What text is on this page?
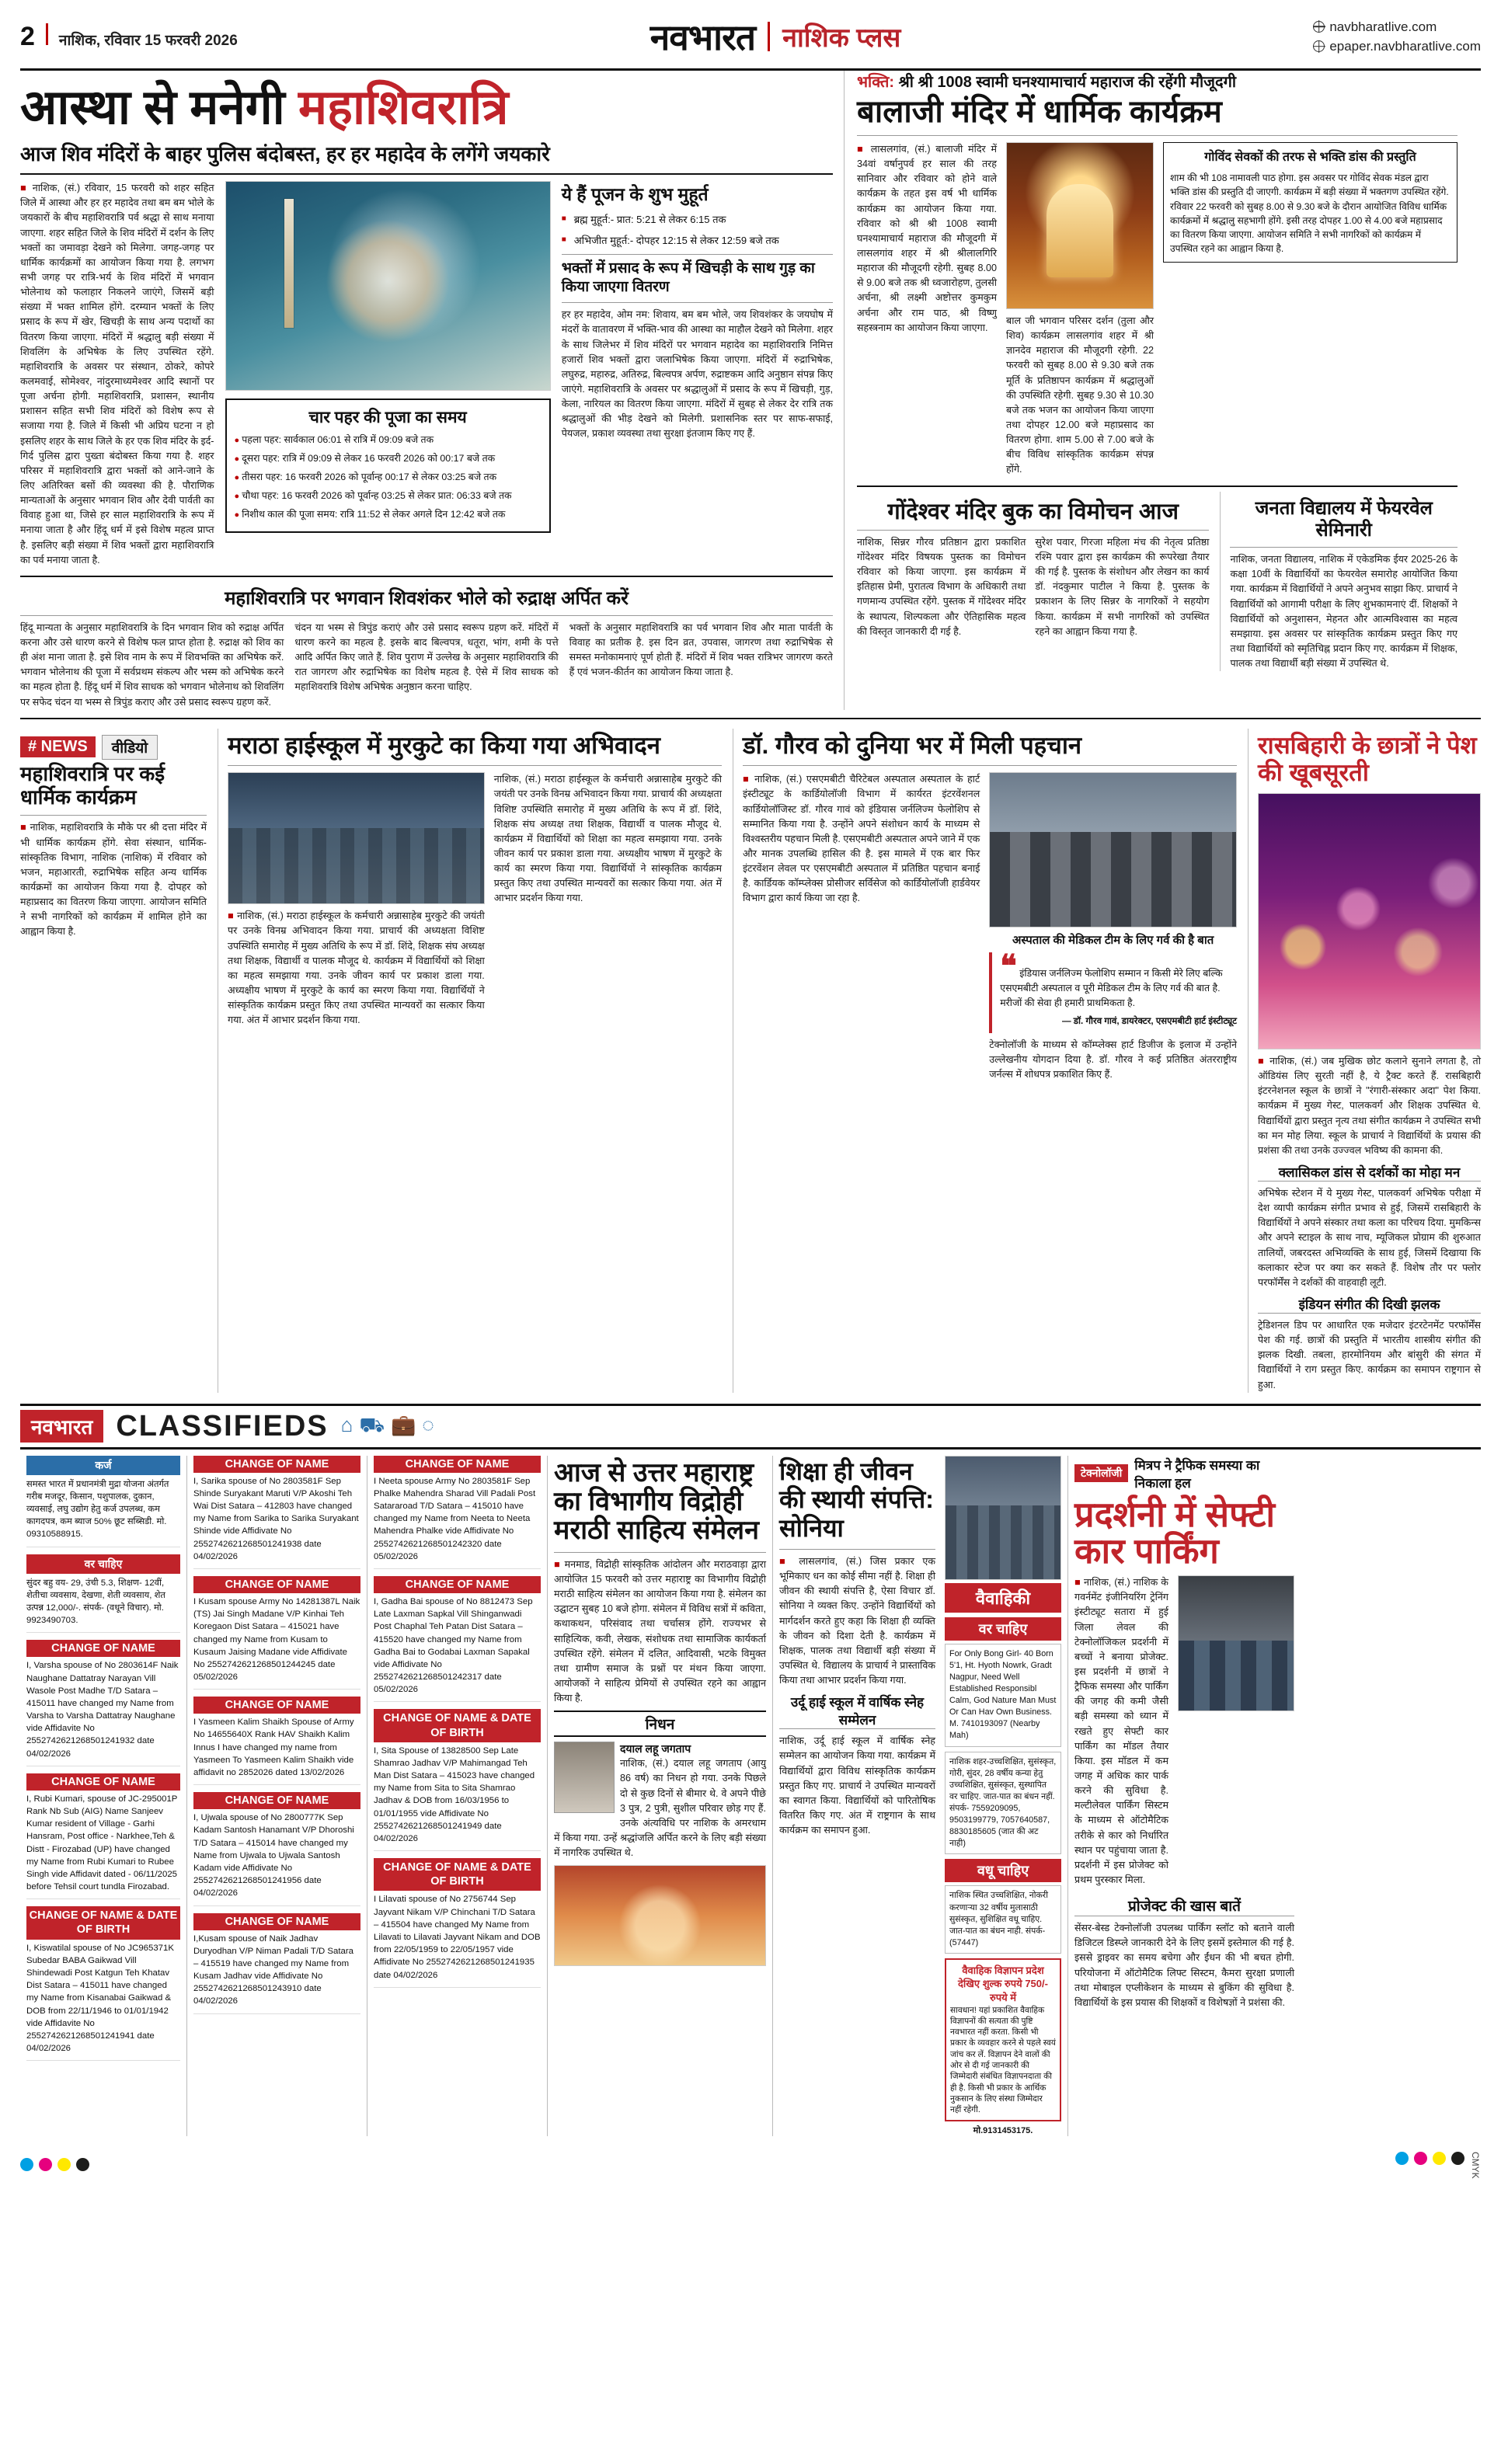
2 नाशिक, रविवार 15 फरवरी 2026	नवभारत नाशिक प्लस	navbharatlive.com
epaper.navbharatlive.com
आस्था से मनेगी महाशिवरात्रि
आज शिव मंदिरों के बाहर पुलिस बंदोबस्त, हर हर महादेव के लगेंगे जयकारे
■ नाशिक, (सं.) रविवार, 15 फरवरी को शहर सहित जिले में आस्था और हर हर महादेव तथा बम बम भोले के जयकारों के बीच महाशिवरात्रि पर्व श्रद्धा से साथ मनाया जाएगा. शहर सहित जिले के शिव मंदिरों में दर्शन के लिए भक्तों का जमावड़ा देखने को मिलेगा. जगह-जगह पर धार्मिक कार्यक्रमों का आयोजन किया गया है. लगभग सभी जगह पर रात्रि-भर्य के शिव मंदिरों में भगवान भोलेनाथ को फलाहार निकलने जाएंगे, जिसमें बड़ी संख्या में भक्त शामिल होंगे. दरम्यान भक्तों के लिए प्रसाद के रूप में खेर, खिचड़ी के साथ अन्य पदार्थो का वितरण किया जाएगा. मंदिरों में श्रद्धालु बड़ी संख्या में शिवलिंग के अभिषेक के लिए उपस्थित रहेंगे. महाशिवरात्रि के अवसर पर संस्थान, ठोकरे, कोपरे कलमवाई, सोमेश्वर, नांदुरमाध्यमेश्वर आदि स्थानों पर पूजा अर्चना होगी. महाशिवरात्रि, प्रशासन, स्थानीय प्रशासन सहित सभी शिव मंदिरों को विशेष रूप से सजाया गया है. जिले में किसी भी अप्रिय घटना न हो इसलिए शहर के साथ जिले के हर एक शिव मंदिर के इर्द-गिर्द पुलिस द्वारा पुख्ता बंदोबस्त किया गया है. शहर परिसर में महाशिवरात्रि द्वारा भक्तों को आने-जाने के लिए अतिरिक्त बसों की व्यवस्था की है. पौराणिक मान्यताओं के अनुसार भगवान शिव और देवी पार्वती का विवाह हुआ था, जिसे हर साल महाशिवरात्रि के रूप में मनाया जाता है और हिंदू धर्म में इसे विशेष महत्व प्राप्त है. इसलिए बड़ी संख्या में शिव भक्तों द्वारा महाशिवरात्रि का पर्व मनाया जाता है.
चार पहर की पूजा का समय
● पहला पहर: सार्वकाल 06:01 से रात्रि में 09:09 बजे तक
● दूसरा पहर: रात्रि में 09:09 से लेकर 16 फरवरी 2026 को 00:17 बजे तक
● तीसरा पहर: 16 फरवरी 2026 को पूर्वान्ह 00:17 से लेकर 03:25 बजे तक
● चौथा पहर: 16 फरवरी 2026 को पूर्वान्ह 03:25 से लेकर प्रात: 06:33 बजे तक
● निशीथ काल की पूजा समय: रात्रि 11:52 से लेकर अगले दिन 12:42 बजे तक
ये हैं पूजन के शुभ मुहूर्त
■ ब्रह्म मुहूर्त:- प्रात: 5:21 से लेकर 6:15 तक
■ अभिजीत मुहूर्त:- दोपहर 12:15 से लेकर 12:59 बजे तक
भक्तों में प्रसाद के रूप में खिचड़ी के साथ गुड़ का किया जाएगा वितरण
हर हर महादेव, ओम नम: शिवाय, बम बम भोले, जय शिवशंकर के जयघोष में मंदरों के वातावरण में भक्ति-भाव की आस्था का माहौल देखने को मिलेगा. शहर के साथ जिलेभर में शिव मंदिरों पर भगवान महादेव का महाशिवरात्रि निमित्त हजारों शिव भक्तों द्वारा जलाभिषेक किया जाएगा. मंदिरों में रुद्राभिषेक, लघुरुद्र, महारुद्र, अतिरुद्र, बिल्वपत्र अर्पण, रुद्राष्टकम आदि अनुष्ठान संपन्न किए जाएंगे. महाशिवरात्रि के अवसर पर श्रद्धालुओं में प्रसाद के रूप में खिचड़ी, गुड़, केला, नारियल का वितरण किया जाएगा. मंदिरों में सुबह से लेकर देर रात्रि तक श्रद्धालुओं की भीड़ देखने को मिलेगी. प्रशासनिक स्तर पर साफ-सफाई, पेयजल, प्रकाश व्यवस्था तथा सुरक्षा इंतजाम किए गए हैं.
महाशिवरात्रि पर भगवान शिवशंकर भोले को रुद्राक्ष अर्पित करें
हिंदू मान्यता के अनुसार महाशिवरात्रि के दिन भगवान शिव को रुद्राक्ष अर्पित करना और उसे धारण करने से विशेष फल प्राप्त होता है. रुद्राक्ष को शिव का ही अंश माना जाता है. इसे शिव नाम के रूप में शिवभक्ति का अभिषेक करें. भगवान भोलेनाथ की पूजा में सर्वप्रथम संकल्प और भस्म को अभिषेक करने का महत्व होता है. हिंदू धर्म में शिव साधक को भगवान भोलेनाथ को शिवलिंग पर सफेद चंदन या भस्म से त्रिपुंड कराए और उसे प्रसाद स्वरूप ग्रहण करें.
चंदन या भस्म से त्रिपुंड कराएं और उसे प्रसाद स्वरूप ग्रहण करें. मंदिरों में धारण करने का महत्व है. इसके बाद बिल्वपत्र, धतूरा, भांग, शमी के पत्ते आदि अर्पित किए जाते हैं. शिव पुराण में उल्लेख के अनुसार महाशिवरात्रि की रात जागरण और रुद्राभिषेक का विशेष महत्व है. ऐसे में शिव साधक को महाशिवरात्रि विशेष अभिषेक अनुष्ठान करना चाहिए.
भक्तों के अनुसार महाशिवरात्रि का पर्व भगवान शिव और माता पार्वती के विवाह का प्रतीक है. इस दिन व्रत, उपवास, जागरण तथा रुद्राभिषेक से समस्त मनोकामनाएं पूर्ण होती हैं. मंदिरों में शिव भक्त रात्रिभर जागरण करते हैं एवं भजन-कीर्तन का आयोजन किया जाता है.
भक्ति: श्री श्री 1008 स्वामी घनश्यामाचार्य महाराज की रहेंगी मौजूदगी
बालाजी मंदिर में धार्मिक कार्यक्रम
■ लासलगांव, (सं.) बालाजी मंदिर में 34वां वर्षानुपर्व हर साल की तरह सानिवार और रविवार को होने वाले कार्यक्रम के तहत इस वर्ष भी धार्मिक कार्यक्रम का आयोजन किया गया. रविवार को श्री श्री 1008 स्वामी घनश्यामाचार्य महाराज की मौजूदगी में लासलगांव शहर में श्री श्रीलालगिरि महाराज की मौजूदगी रहेगी. सुबह 8.00 से 9.00 बजे तक श्री ध्वजारोहण, तुलसी अर्चना, श्री लक्ष्मी अष्टोत्तर कुमकुम अर्चना और राम पाठ, श्री विष्णु सहस्त्रनाम का आयोजन किया जाएगा.
बाल जी भगवान परिसर दर्शन (तुला और शिव) कार्यक्रम लासलगांव शहर में श्री ज्ञानदेव महाराज की मौजूदगी रहेगी. 22 फरवरी को सुबह 8.00 से 9.30 बजे तक मूर्ति के प्रतिष्ठापन कार्यक्रम में श्रद्धालुओं की उपस्थिति रहेगी. सुबह 9.30 से 10.30 बजे तक भजन का आयोजन किया जाएगा तथा दोपहर 12.00 बजे महाप्रसाद का वितरण होगा. शाम 5.00 से 7.00 बजे के बीच विविध सांस्कृतिक कार्यक्रम संपन्न होंगे.
गोविंद सेवकों की तरफ से भक्ति डांस की प्रस्तुति
शाम की भी 108 नामावली पाठ होगा. इस अवसर पर गोविंद सेवक मंडल द्वारा भक्ति डांस की प्रस्तुति दी जाएगी. कार्यक्रम में बड़ी संख्या में भक्तगण उपस्थित रहेंगे. रविवार 22 फरवरी को सुबह 8.00 से 9.30 बजे के दौरान आयोजित विविध धार्मिक कार्यक्रमों में श्रद्धालु सहभागी होंगे. इसी तरह दोपहर 1.00 से 4.00 बजे महाप्रसाद का वितरण किया जाएगा. आयोजन समिति ने सभी नागरिकों को कार्यक्रम में उपस्थित रहने का आह्वान किया है.
गोंदेश्वर मंदिर बुक का विमोचन आज
नाशिक, सिन्नर गौरव प्रतिष्ठान द्वारा प्रकाशित गोंदेश्वर मंदिर विषयक पुस्तक का विमोचन रविवार को किया जाएगा. इस कार्यक्रम में इतिहास प्रेमी, पुरातत्व विभाग के अधिकारी तथा गणमान्य उपस्थित रहेंगे. पुस्तक में गोंदेश्वर मंदिर के स्थापत्य, शिल्पकला और ऐतिहासिक महत्व की विस्तृत जानकारी दी गई है.
सुरेश पवार, गिरजा महिला मंच की नेतृत्व प्रतिष्ठा रश्मि पवार द्वारा इस कार्यक्रम की रूपरेखा तैयार की गई है. पुस्तक के संशोधन और लेखन का कार्य डॉ. नंदकुमार पाटील ने किया है. पुस्तक के प्रकाशन के लिए सिन्नर के नागरिकों ने सहयोग किया. कार्यक्रम में सभी नागरिकों को उपस्थित रहने का आह्वान किया गया है.
जनता विद्यालय में फेयरवेल सेमिनारी
नाशिक, जनता विद्यालय, नाशिक में एकेडमिक ईयर 2025-26 के कक्षा 10वीं के विद्यार्थियों का फेयरवेल समारोह आयोजित किया गया. कार्यक्रम में विद्यार्थियों ने अपने अनुभव साझा किए. प्राचार्य ने विद्यार्थियों को आगामी परीक्षा के लिए शुभकामनाएं दीं. शिक्षकों ने विद्यार्थियों को अनुशासन, मेहनत और आत्मविश्वास का महत्व समझाया. इस अवसर पर सांस्कृतिक कार्यक्रम प्रस्तुत किए गए तथा विद्यार्थियों को स्मृतिचिह्न प्रदान किए गए. कार्यक्रम में शिक्षक, पालक तथा विद्यार्थी बड़ी संख्या में उपस्थित थे.
# NEWS	वीडियो
महाशिवरात्रि पर कई धार्मिक कार्यक्रम
■ नाशिक, महाशिवरात्रि के मौके पर श्री दत्ता मंदिर में भी धार्मिक कार्यक्रम होंगे. सेवा संस्थान, धार्मिक-सांस्कृतिक विभाग, नाशिक (नाशिक) में रविवार को भजन, महाआरती, रुद्राभिषेक सहित अन्य धार्मिक कार्यक्रमों का आयोजन किया गया है. दोपहर को महाप्रसाद का वितरण किया जाएगा. आयोजन समिति ने सभी नागरिकों को कार्यक्रम में शामिल होने का आह्वान किया है.
मराठा हाईस्कूल में मुरकुटे का किया गया अभिवादन
■ नाशिक, (सं.) मराठा हाईस्कूल के कर्मचारी अन्नासाहेब मुरकुटे की जयंती पर उनके विनम्र अभिवादन किया गया. प्राचार्य की अध्यक्षता विशिष्ट उपस्थिति समारोह में मुख्य अतिथि के रूप में डॉ. शिंदे, शिक्षक संघ अध्यक्ष तथा शिक्षक, विद्यार्थी व पालक मौजूद थे. कार्यक्रम में विद्यार्थियों को शिक्षा का महत्व समझाया गया. उनके जीवन कार्य पर प्रकाश डाला गया. अध्यक्षीय भाषण में मुरकुटे के कार्य का स्मरण किया गया. विद्यार्थियों ने सांस्कृतिक कार्यक्रम प्रस्तुत किए तथा उपस्थित मान्यवरों का सत्कार किया गया. अंत में आभार प्रदर्शन किया गया.
नाशिक, (सं.) मराठा हाईस्कूल के कर्मचारी अन्नासाहेब मुरकुटे की जयंती पर उनके विनम्र अभिवादन किया गया. प्राचार्य की अध्यक्षता विशिष्ट उपस्थिति समारोह में मुख्य अतिथि के रूप में डॉ. शिंदे, शिक्षक संघ अध्यक्ष तथा शिक्षक, विद्यार्थी व पालक मौजूद थे. कार्यक्रम में विद्यार्थियों को शिक्षा का महत्व समझाया गया. उनके जीवन कार्य पर प्रकाश डाला गया. अध्यक्षीय भाषण में मुरकुटे के कार्य का स्मरण किया गया. विद्यार्थियों ने सांस्कृतिक कार्यक्रम प्रस्तुत किए तथा उपस्थित मान्यवरों का सत्कार किया गया. अंत में आभार प्रदर्शन किया गया.
डॉ. गौरव को दुनिया भर में मिली पहचान
■ नाशिक, (सं.) एसएमबीटी चैरिटेबल अस्पताल अस्पताल के हार्ट इंस्टीट्यूट के कार्डियोलॉजी विभाग में कार्यरत इंटरवेंशनल कार्डियोलॉजिस्ट डॉ. गौरव गावं को इंडियास जर्नलिज्म फेलोशिप से सम्मानित किया गया है. उन्होंने अपने संशोधन कार्य के माध्यम से विश्वस्तरीय पहचान मिली है. एसएमबीटी अस्पताल अपने जाने में एक और मानक उपलब्धि हासिल की है. इस मामले में एक बार फिर इंटरवेंशन लेवल पर एसएमबीटी अस्पताल में प्रतिष्ठित पहचान बनाई है. कार्डियक कॉम्प्लेक्स प्रोसीजर सर्विसेज को कार्डियोलॉजी हार्डवेयर विभाग द्वारा कार्य किया जा रहा है.
अस्पताल की मेडिकल टीम के लिए गर्व की है बात
❝ इंडियास जर्नलिज्म फेलोशिप सम्मान न किसी मेरे लिए बल्कि एसएमबीटी अस्पताल व पूरी मेडिकल टीम के लिए गर्व की बात है. मरीजों की सेवा ही हमारी प्राथमिकता है.
— डॉ. गौरव गावं, डायरेक्टर, एसएमबीटी हार्ट इंस्टीट्यूट
टेक्नोलॉजी के माध्यम से कॉम्प्लेक्स हार्ट डिजीज के इलाज में उन्होंने उल्लेखनीय योगदान दिया है. डॉ. गौरव ने कई प्रतिष्ठित अंतरराष्ट्रीय जर्नल्स में शोधपत्र प्रकाशित किए हैं.
रासबिहारी के छात्रों ने पेश की खूबसूरती
■ नाशिक, (सं.) जब मुखिक छोट कलाने सुनाने लगता है, तो ऑडियंस लिए सुरती नहीं है, ये ट्रैक्ट करते हैं. रासबिहारी इंटरनेशनल स्कूल के छात्रों ने "रंगारी-संस्कार अदा" पेश किया. कार्यक्रम में मुख्य गेस्ट, पालकवर्ग और शिक्षक उपस्थित थे. विद्यार्थियों द्वारा प्रस्तुत नृत्य तथा संगीत कार्यक्रम ने उपस्थित सभी का मन मोह लिया. स्कूल के प्राचार्य ने विद्यार्थियों के प्रयास की प्रशंसा की तथा उनके उज्ज्वल भविष्य की कामना की.
क्लासिकल डांस से दर्शकों का मोहा मन
अभिषेक स्टेशन में ये मुख्य गेस्ट, पालकवर्ग अभिषेक परीक्षा में देश व्यापी कार्यक्रम संगीत प्रभाव से हुई, जिसमें रासबिहारी के विद्यार्थियों ने अपने संस्कार तथा कला का परिचय दिया. मुमकिन्स और अपने स्टाइल के साथ नाच, म्यूजिकल प्रोग्राम की शुरुआत तालियों, जबरदस्त अभिव्यक्ति के साथ हुई, जिसमें दिखाया कि कलाकार स्टेज पर क्या कर सकते हैं. विशेष तौर पर फ्लोर परफॉर्मेंस ने दर्शकों की वाहवाही लूटी.
इंडियन संगीत की दिखी झलक
ट्रेडिशनल डिप पर आधारित एक मजेदार इंटरटेनमेंट परफॉर्मेंस पेश की गई. छात्रों की प्रस्तुति में भारतीय शास्त्रीय संगीत की झलक दिखी. तबला, हारमोनियम और बांसुरी की संगत में विद्यार्थियों ने राग प्रस्तुत किए. कार्यक्रम का समापन राष्ट्रगान से हुआ.
नवभारत CLASSIFIEDS ⌂ ⛟ 💼 ◌
कर्ज
समस्त भारत में प्रधानमंत्री मुद्रा योजना अंतर्गत गरीब मजदूर, किसान, पशुपालक, दुकान, व्यवसाई, लघु उद्योग हेतु कर्ज उपलब्ध, कम कागदपत्र, कम ब्याज 50% छूट सब्सिडी. मो. 09310588915.
वर चाहिए
सुंदर बहु वय- 29, उंची 5.3, शिक्षण- 12वीं, शेतीचा व्यवसाय, देखणा, शेती व्यवसाय, शेत उत्पन्न 12,000/-. संपर्क- (वधूने विचार). मो. 9923490703.
CHANGE OF NAME
I, Varsha spouse of No 2803614F Naik Naughane Dattatray Narayan Vill Wasole Post Madhe T/D Satara – 415011 have changed my Name from Varsha to Varsha Dattatray Naughane vide Affidavite No 2552742621268501241932 date 04/02/2026
CHANGE OF NAME
I, Rubi Kumari, spouse of JC-295001P Rank Nb Sub (AIG) Name Sanjeev Kumar resident of Village - Garhi Hansram, Post office - Narkhee,Teh & Distt - Firozabad (UP) have changed my Name from Rubi Kumari to Rubee Singh vide Affidavit dated - 06/11/2025 before Tehsil court tundla Firozabad.
CHANGE OF NAME & DATE OF BIRTH
I, Kiswatilal spouse of No JC965371K Subedar BABA Gaikwad Vill Shindewadi Post Katgun Teh Khatav Dist Satara – 415011 have changed my Name from Kisanabai Gaikwad & DOB from 22/11/1946 to 01/01/1942 vide Affidavite No 2552742621268501241941 date 04/02/2026
CHANGE OF NAME
I, Sarika spouse of No 2803581F Sep Shinde Suryakant Maruti V/P Akoshi Teh Wai Dist Satara – 412803 have changed my Name from Sarika to Sarika Suryakant Shinde vide Affidivate No 2552742621268501241938 date 04/02/2026
CHANGE OF NAME
I Kusam spouse Army No 14281387L Naik (TS) Jai Singh Madane V/P Kinhai Teh Koregaon Dist Satara – 415021 have changed my Name from Kusam to Kusaum Jaising Madane vide Affidivate No 2552742621268501244245 date 05/02/2026
CHANGE OF NAME
I Yasmeen Kalim Shaikh Spouse of Army No 14655640X Rank HAV Shaikh Kalim Innus I have changed my name from Yasmeen To Yasmeen Kalim Shaikh vide affidavit no 2852026 dated 13/02/2026
CHANGE OF NAME
I, Ujwala spouse of No 2800777K Sep Kadam Santosh Hanamant V/P Dhoroshi T/D Satara – 415014 have changed my Name from Ujwala to Ujwala Santosh Kadam vide Affidivate No 2552742621268501241956 date 04/02/2026
CHANGE OF NAME
I,Kusam spouse of Naik Jadhav Duryodhan V/P Niman Padali T/D Satara – 415519 have changed my Name from Kusam Jadhav vide Affidivate No 2552742621268501243910 date 04/02/2026
CHANGE OF NAME
I Neeta spouse Army No 2803581F Sep Phalke Mahendra Sharad Vill Padali Post Satararoad T/D Satara – 415010 have changed my Name from Neeta to Neeta Mahendra Phalke vide Affidivate No 2552742621268501242320 date 05/02/2026
CHANGE OF NAME
I, Gadha Bai spouse of No 8812473 Sep Late Laxman Sapkal Vill Shinganwadi Post Chaphal Teh Patan Dist Satara – 415520 have changed my Name from Gadha Bai to Godabai Laxman Sapakal vide Affidivate No 2552742621268501242317 date 05/02/2026
CHANGE OF NAME & DATE OF BIRTH
I, Sita Spouse of 13828500 Sep Late Shamrao Jadhav V/P Mahimangad Teh Man Dist Satara – 415023 have changed my Name from Sita to Sita Shamrao Jadhav & DOB from 16/03/1956 to 01/01/1955 vide Affidivate No 2552742621268501241949 date 04/02/2026
CHANGE OF NAME & DATE OF BIRTH
I Lilavati spouse of No 2756744 Sep Jayvant Nikam V/P Chinchani T/D Satara – 415504 have changed My Name from Lilavati to Lilavati Jayvant Nikam and DOB from 22/05/1959 to 22/05/1957 vide Affidivate No 2552742621268501241935 date 04/02/2026
आज से उत्तर महाराष्ट्र का विभागीय विद्रोही मराठी साहित्य संमेलन
■ मनमाड, विद्रोही सांस्कृतिक आंदोलन और मराठवाड़ा द्वारा आयोजित 15 फरवरी को उत्तर महाराष्ट्र का विभागीय विद्रोही मराठी साहित्य संमेलन का आयोजन किया गया है. संमेलन का उद्घाटन सुबह 10 बजे होगा. संमेलन में विविध सत्रों में कविता, कथाकथन, परिसंवाद तथा चर्चासत्र होंगे. राज्यभर से साहित्यिक, कवी, लेखक, संशोधक तथा सामाजिक कार्यकर्ता उपस्थित रहेंगे. संमेलन में दलित, आदिवासी, भटके विमुक्त तथा ग्रामीण समाज के प्रश्नों पर मंथन किया जाएगा. आयोजकों ने साहित्य प्रेमियों से उपस्थित रहने का आह्वान किया है.
निधन
दयाल लहू जगताप
नाशिक, (सं.) दयाल लहू जगताप (आयु 86 वर्ष) का निधन हो गया. उनके पिछले दो से कुछ दिनों से बीमार थे. वे अपने पीछे 3 पुत्र, 2 पुत्री, सुशील परिवार छोड़ गए हैं. उनके अंत्यविधि पर नाशिक के अमरधाम में किया गया. उन्हें श्रद्धांजलि अर्पित करने के लिए बड़ी संख्या में नागरिक उपस्थित थे.
शिक्षा ही जीवन की स्थायी संपत्ति: सोनिया
■ लासलगांव, (सं.) जिस प्रकार एक भूमिकाए धन का कोई सीमा नहीं है. शिक्षा ही जीवन की स्थायी संपत्ति है, ऐसा विचार डॉ. सोनिया ने व्यक्त किए. उन्होंने विद्यार्थियों को मार्गदर्शन करते हुए कहा कि शिक्षा ही व्यक्ति के जीवन को दिशा देती है. कार्यक्रम में शिक्षक, पालक तथा विद्यार्थी बड़ी संख्या में उपस्थित थे. विद्यालय के प्राचार्य ने प्रास्ताविक किया तथा आभार प्रदर्शन किया गया.
उर्दू हाई स्कूल में वार्षिक स्नेह सम्मेलन
नाशिक, उर्दू हाई स्कूल में वार्षिक स्नेह सम्मेलन का आयोजन किया गया. कार्यक्रम में विद्यार्थियों द्वारा विविध सांस्कृतिक कार्यक्रम प्रस्तुत किए गए. प्राचार्य ने उपस्थित मान्यवरों का स्वागत किया. विद्यार्थियों को पारितोषिक वितरित किए गए. अंत में राष्ट्रगान के साथ कार्यक्रम का समापन हुआ.
वैवाहिकी
वर चाहिए
For Only Bong Girl- 40 Born 5'1, Ht. Hyoth Nowrk, Gradt Nagpur, Need Well Established Responsibl Calm, God Nature Man Must Or Can Hav Own Business. M. 7410193097 (Nearby Mah)
नाशिक शहर-उच्चशिक्षित, सुसंस्कृत, गोरी, सुंदर, 28 वर्षीय कन्या हेतु उच्चशिक्षित, सुसंस्कृत, सुस्थापित वर चाहिए. जात-पात का बंधन नहीं. संपर्क- 7559209095, 9503199779, 7057640587, 8830185605 (जात की अट नाही)
वधू चाहिए
नाशिक स्थित उच्चशिक्षित, नोकरी करणार्‍या 32 वर्षीय मुलासाठी सुसंस्कृत, सुशिक्षित वधू चाहिए. जात-पात का बंधन नाही. संपर्क- (57447)
वैवाहिक विज्ञापन प्रदेश देखिए शुल्क रुपये 750/- रुपये में
सावधान! यहां प्रकाशित वैवाहिक विज्ञापनों की सत्यता की पुष्टि नवभारत नहीं करता. किसी भी प्रकार के व्यवहार करने से पहले स्वयं जांच कर लें. विज्ञापन देने वालों की ओर से दी गई जानकारी की जिम्मेदारी संबंधित विज्ञापनदाता की ही है. किसी भी प्रकार के आर्थिक नुकसान के लिए संस्था जिम्मेदार नहीं रहेगी.
मो.9131453175.
टेक्नोलॉजी
मित्रप ने ट्रैफिक समस्या का निकाला हल
प्रदर्शनी में सेफ्टी कार पार्किंग
■ नाशिक, (सं.) नाशिक के गवर्नमेंट इंजीनियरिंग ट्रेनिंग इंस्टीट्यूट सतारा में हुई जिला लेवल की टेक्नोलॉजिकल प्रदर्शनी में बच्चों ने बनाया प्रोजेक्ट. इस प्रदर्शनी में छात्रों ने ट्रैफिक समस्या और पार्किंग की जगह की कमी जैसी बड़ी समस्या को ध्यान में रखते हुए सेफ्टी कार पार्किंग का मॉडल तैयार किया. इस मॉडल में कम जगह में अधिक कार पार्क करने की सुविधा है. मल्टीलेवल पार्किंग सिस्टम के माध्यम से ऑटोमैटिक तरीके से कार को निर्धारित स्थान पर पहुंचाया जाता है. प्रदर्शनी में इस प्रोजेक्ट को प्रथम पुरस्कार मिला.
प्रोजेक्ट की खास बातें
सेंसर-बेस्ड टेक्नोलॉजी उपलब्ध पार्किंग स्लॉट को बताने वाली डिजिटल डिस्प्ले जानकारी देने के लिए इसमें इस्तेमाल की गई है. इससे ड्राइवर का समय बचेगा और ईंधन की भी बचत होगी. परियोजना में ऑटोमैटिक लिफ्ट सिस्टम, कैमरा सुरक्षा प्रणाली तथा मोबाइल एप्लीकेशन के माध्यम से बुकिंग की सुविधा है. विद्यार्थियों के इस प्रयास की शिक्षकों व विशेषज्ञों ने प्रशंसा की.
CMYK
